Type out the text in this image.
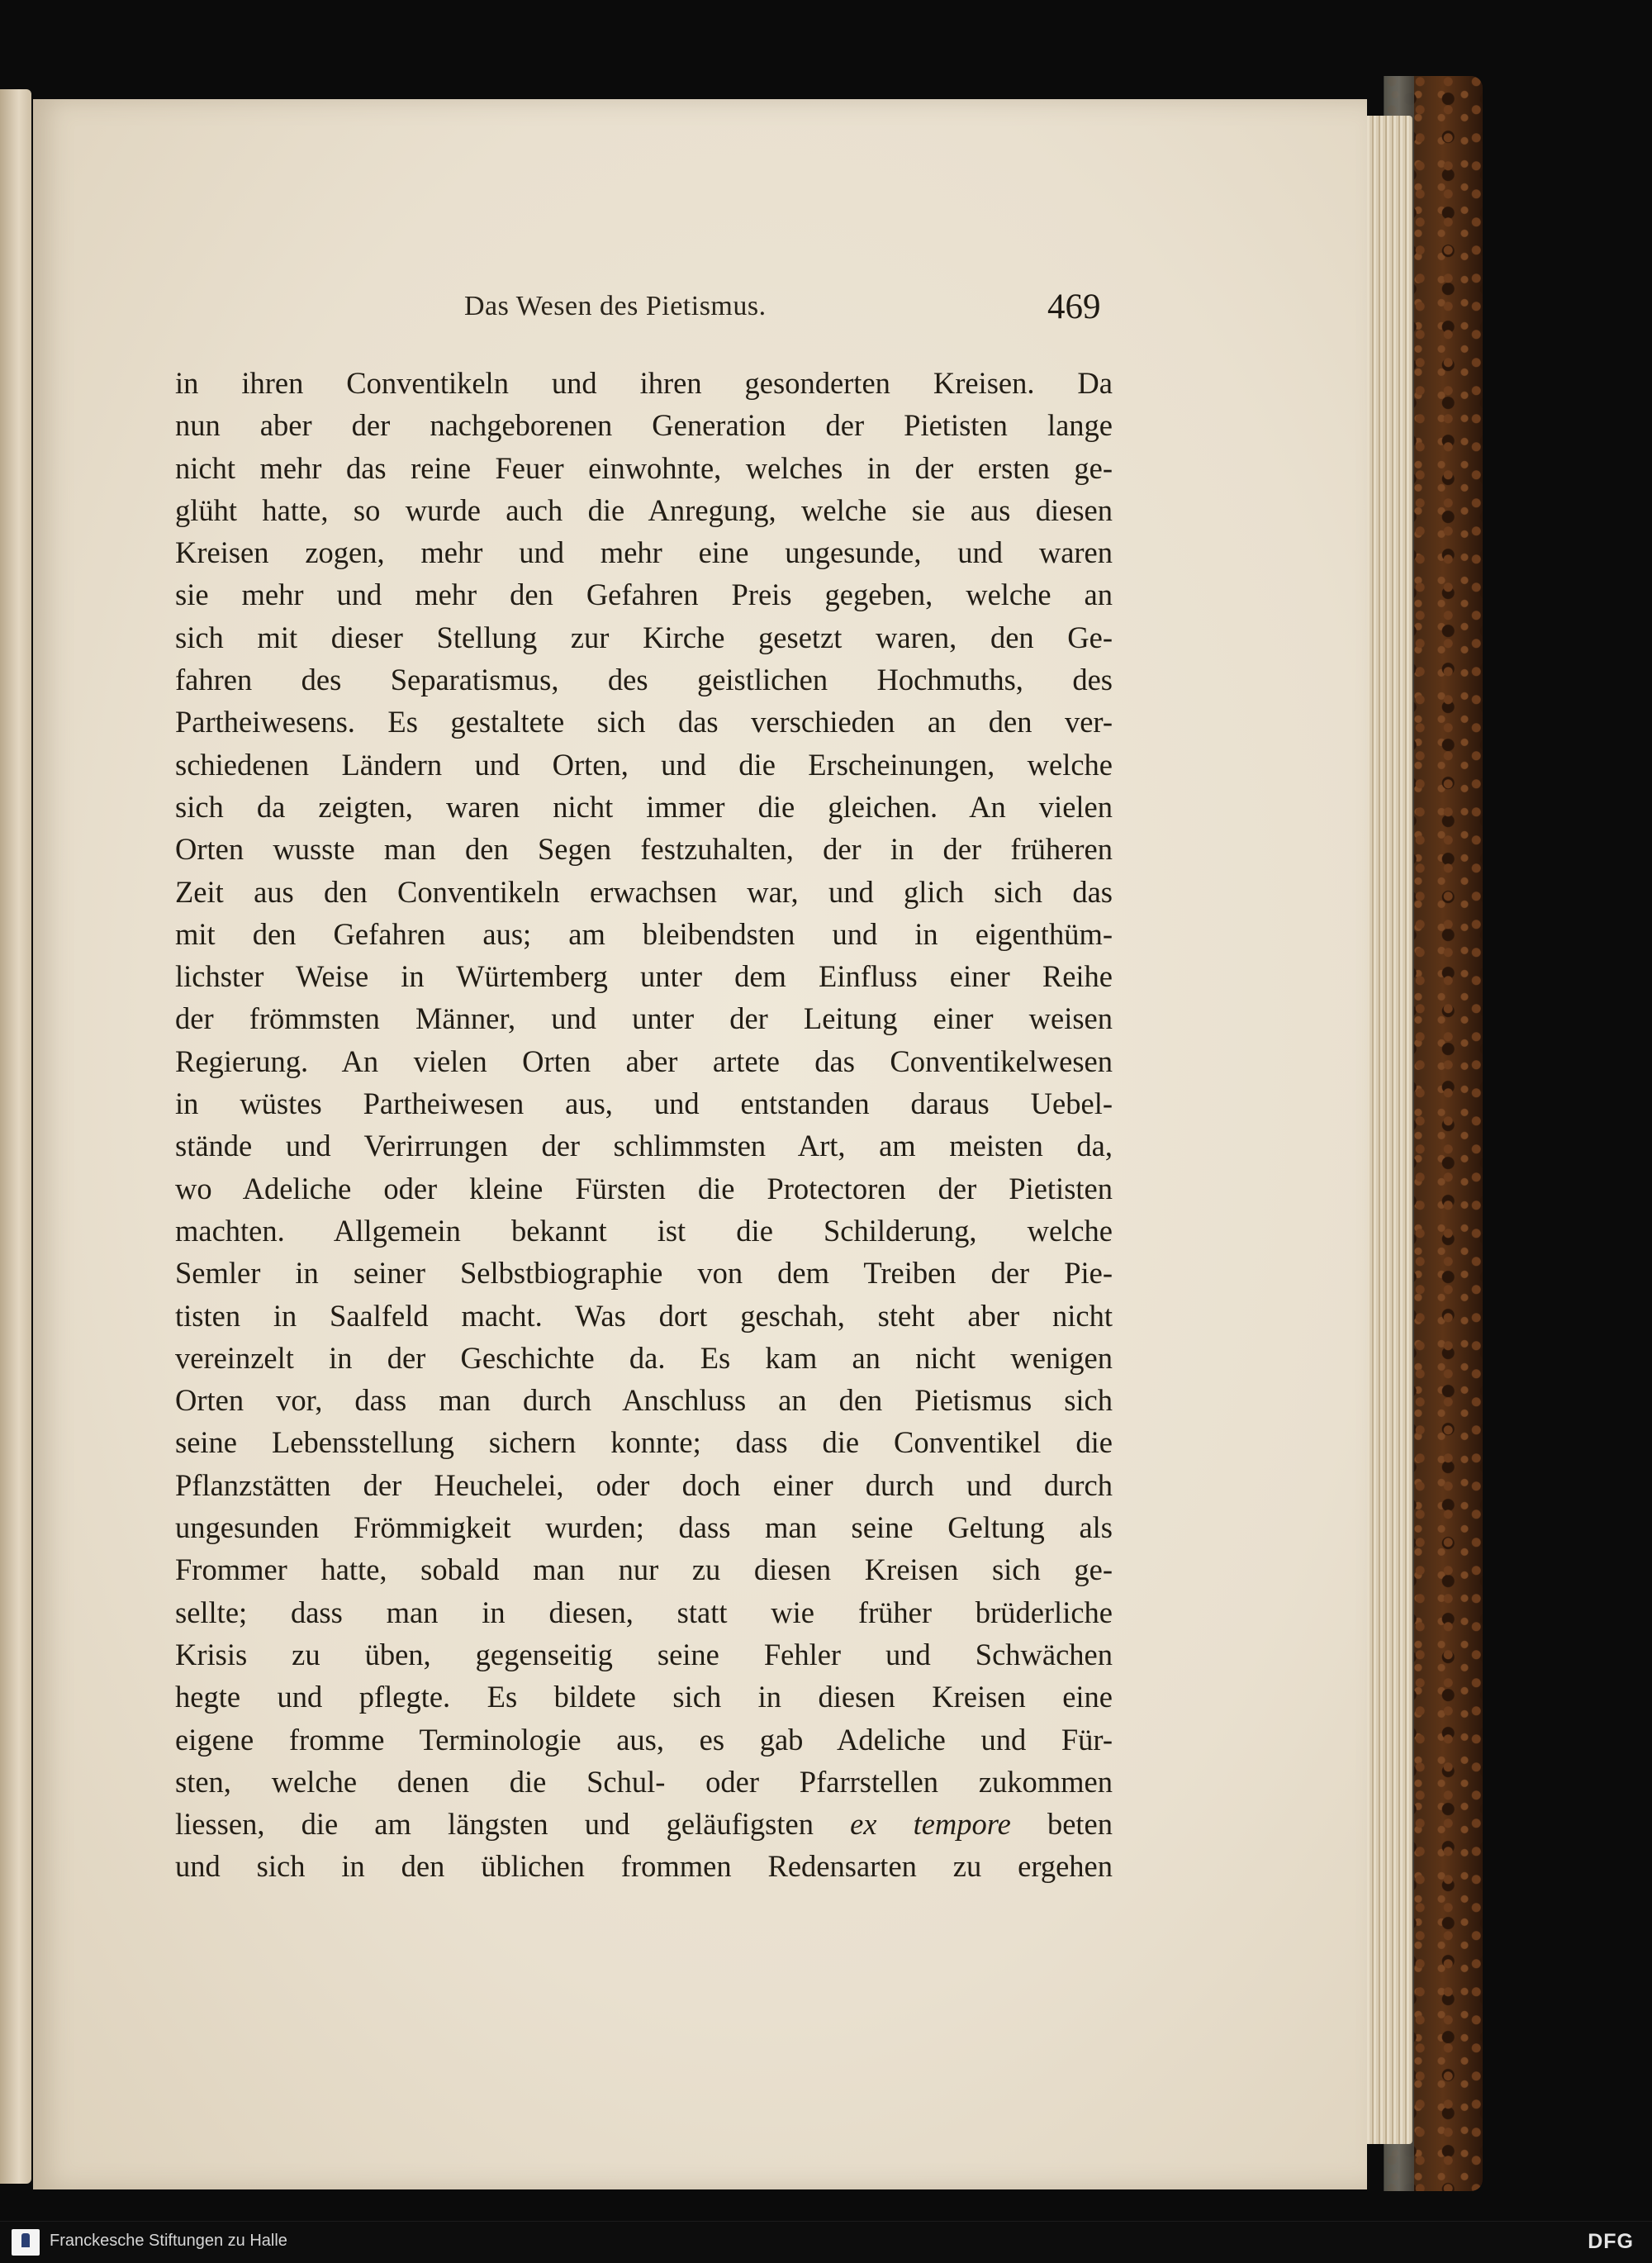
Das Wesen des Pietismus.	469
in ihren Conventikeln und ihren gesonderten Kreisen. Da
nun aber der nachgeborenen Generation der Pietisten lange
nicht mehr das reine Feuer einwohnte, welches in der ersten ge-
glüht hatte, so wurde auch die Anregung, welche sie aus diesen
Kreisen zogen, mehr und mehr eine ungesunde, und waren
sie mehr und mehr den Gefahren Preis gegeben, welche an
sich mit dieser Stellung zur Kirche gesetzt waren, den Ge-
fahren des Separatismus, des geistlichen Hochmuths, des
Partheiwesens. Es gestaltete sich das verschieden an den ver-
schiedenen Ländern und Orten, und die Erscheinungen, welche
sich da zeigten, waren nicht immer die gleichen. An vielen
Orten wusste man den Segen festzuhalten, der in der früheren
Zeit aus den Conventikeln erwachsen war, und glich sich das
mit den Gefahren aus; am bleibendsten und in eigenthüm-
lichster Weise in Würtemberg unter dem Einfluss einer Reihe
der frömmsten Männer, und unter der Leitung einer weisen
Regierung. An vielen Orten aber artete das Conventikelwesen
in wüstes Partheiwesen aus, und entstanden daraus Uebel-
stände und Verirrungen der schlimmsten Art, am meisten da,
wo Adeliche oder kleine Fürsten die Protectoren der Pietisten
machten. Allgemein bekannt ist die Schilderung, welche
Semler in seiner Selbstbiographie von dem Treiben der Pie-
tisten in Saalfeld macht. Was dort geschah, steht aber nicht
vereinzelt in der Geschichte da. Es kam an nicht wenigen
Orten vor, dass man durch Anschluss an den Pietismus sich
seine Lebensstellung sichern konnte; dass die Conventikel die
Pflanzstätten der Heuchelei, oder doch einer durch und durch
ungesunden Frömmigkeit wurden; dass man seine Geltung als
Frommer hatte, sobald man nur zu diesen Kreisen sich ge-
sellte; dass man in diesen, statt wie früher brüderliche
Krisis zu üben, gegenseitig seine Fehler und Schwächen
hegte und pflegte. Es bildete sich in diesen Kreisen eine
eigene fromme Terminologie aus, es gab Adeliche und Für-
sten, welche denen die Schul- oder Pfarrstellen zukommen
liessen, die am längsten und geläufigsten ex tempore beten
und sich in den üblichen frommen Redensarten zu ergehen
Franckesche Stiftungen zu Halle	DFG
